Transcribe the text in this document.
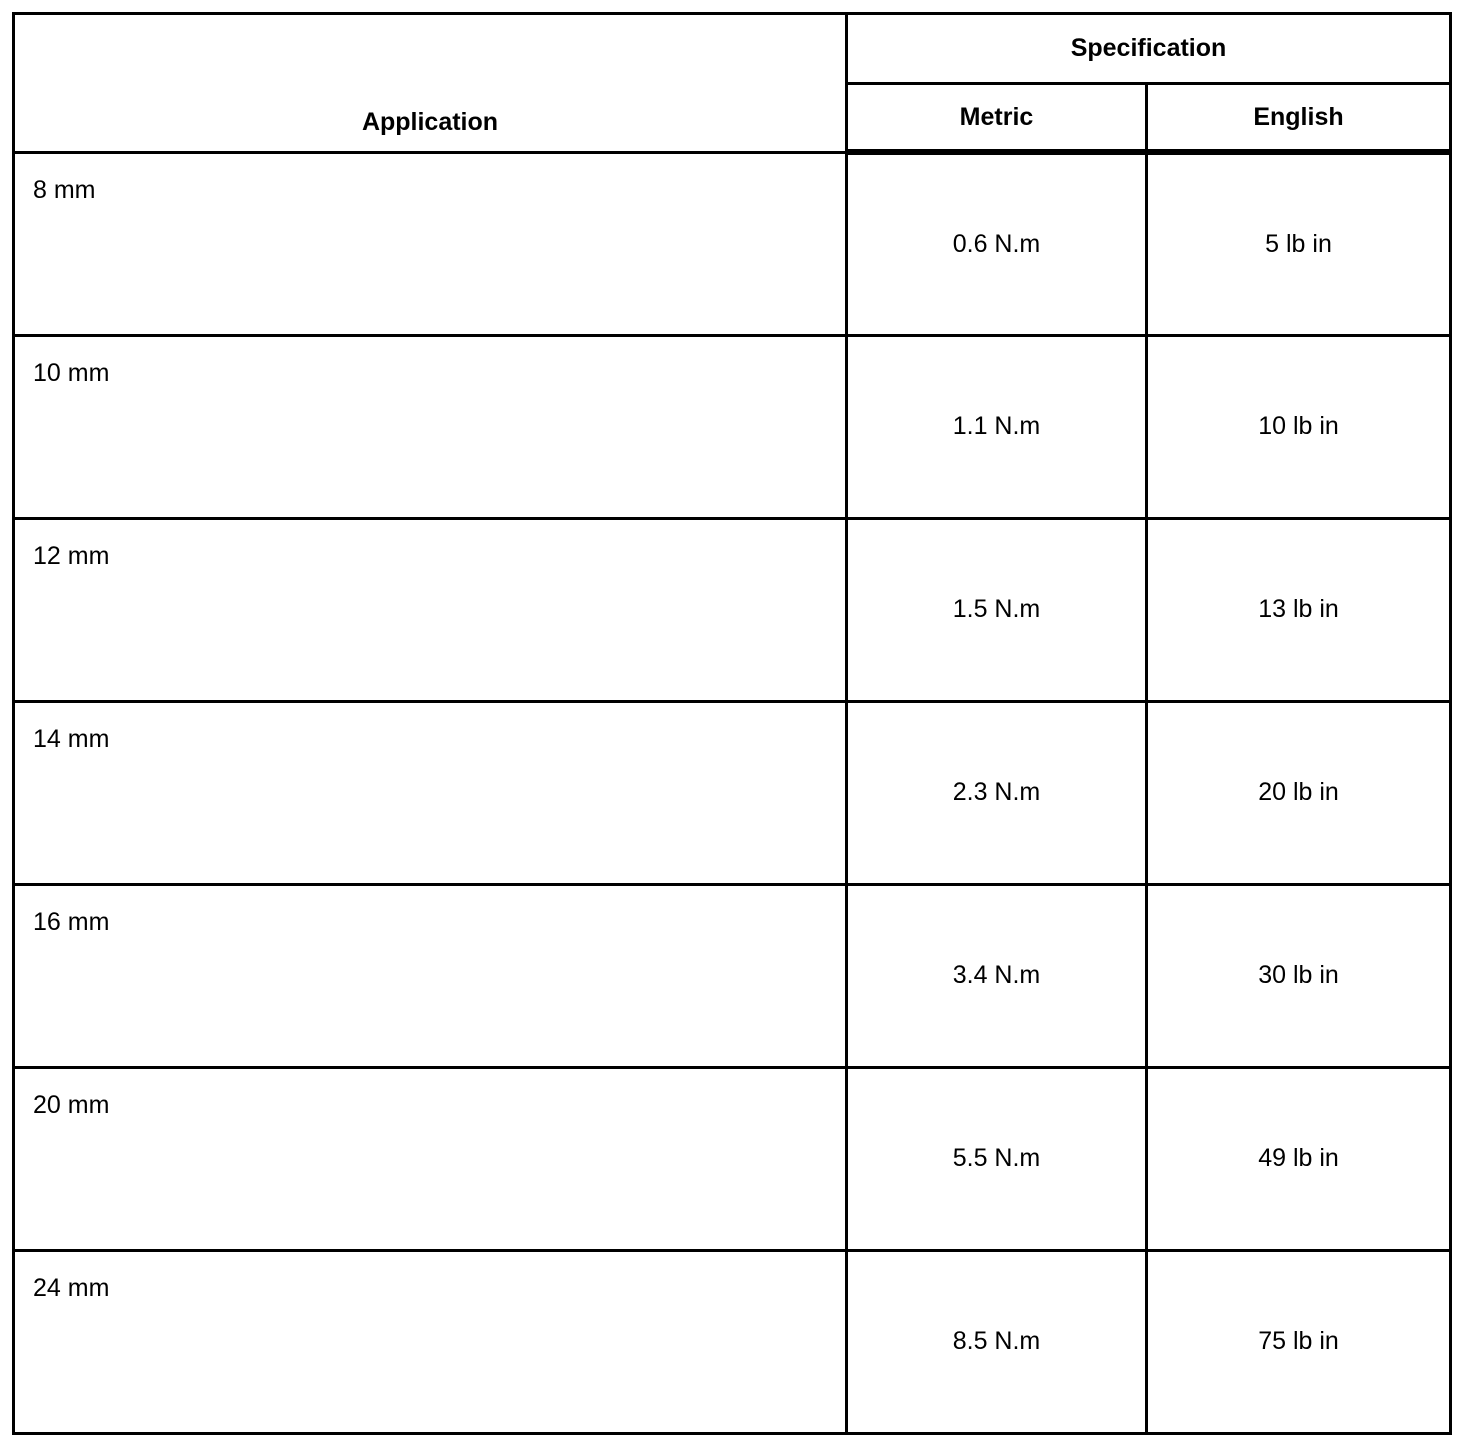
Application	Specification	
	Metric	English
8 mm	0.6 N.m	5 lb in
10 mm	1.1 N.m	10 lb in
12 mm	1.5 N.m	13 lb in
14 mm	2.3 N.m	20 lb in
16 mm	3.4 N.m	30 lb in
20 mm	5.5 N.m	49 lb in
24 mm	8.5 N.m	75 lb in
